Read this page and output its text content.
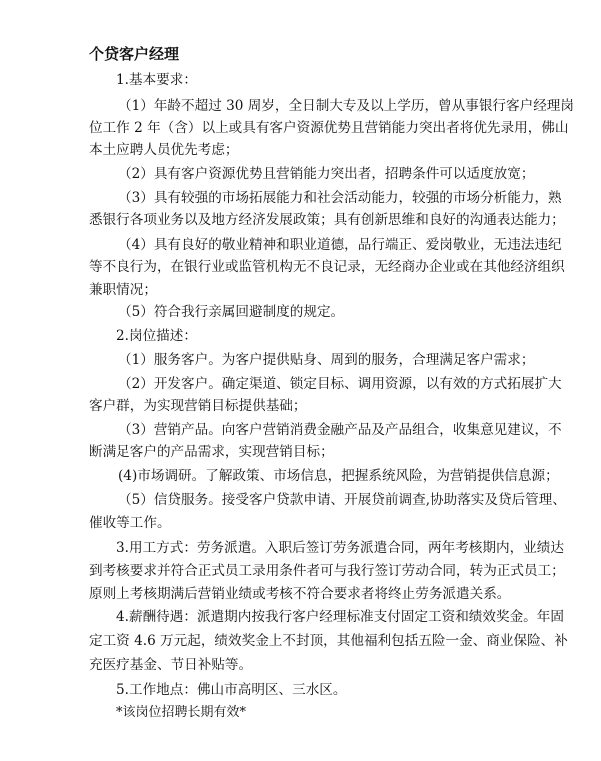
个贷客户经理
1.基本要求：
（1）年龄不超过 30 周岁，全日制大专及以上学历，曾从事银行客户经理岗
位工作 2 年（含）以上或具有客户资源优势且营销能力突出者将优先录用，佛山
本土应聘人员优先考虑；
（2）具有客户资源优势且营销能力突出者，招聘条件可以适度放宽；
（3）具有较强的市场拓展能力和社会活动能力，较强的市场分析能力，熟
悉银行各项业务以及地方经济发展政策；具有创新思维和良好的沟通表达能力；
（4）具有良好的敬业精神和职业道德，品行端正、爱岗敬业，无违法违纪
等不良行为，在银行业或监管机构无不良记录，无经商办企业或在其他经济组织
兼职情况；
（5）符合我行亲属回避制度的规定。
2.岗位描述：
（1）服务客户。为客户提供贴身、周到的服务，合理满足客户需求；
（2）开发客户。确定渠道、锁定目标、调用资源，以有效的方式拓展扩大
客户群，为实现营销目标提供基础；
（3）营销产品。向客户营销消费金融产品及产品组合，收集意见建议，不
断满足客户的产品需求，实现营销目标；
(4)市场调研。了解政策、市场信息，把握系统风险，为营销提供信息源；
（5）信贷服务。接受客户贷款申请、开展贷前调查,协助落实及贷后管理、
催收等工作。
3.用工方式：劳务派遣。入职后签订劳务派遣合同，两年考核期内，业绩达
到考核要求并符合正式员工录用条件者可与我行签订劳动合同，转为正式员工；
原则上考核期满后营销业绩或考核不符合要求者将终止劳务派遣关系。
4.薪酬待遇：派遣期内按我行客户经理标准支付固定工资和绩效奖金。年固
定工资 4.6 万元起，绩效奖金上不封顶，其他福利包括五险一金、商业保险、补
充医疗基金、节日补贴等。
5.工作地点：佛山市高明区、三水区。
*该岗位招聘长期有效*
